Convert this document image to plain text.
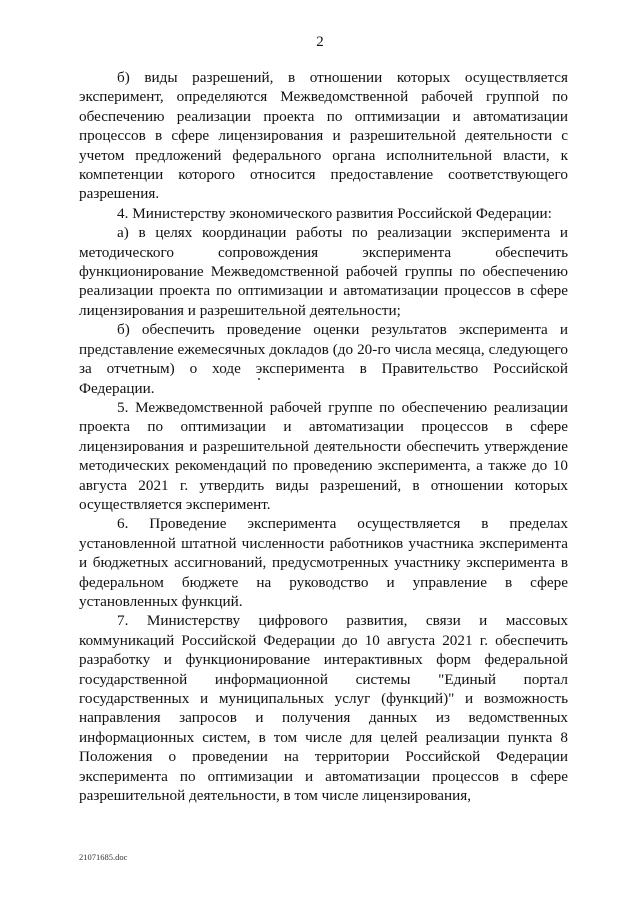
2

б) виды разрешений, в отношении которых осуществляется эксперимент, определяются Межведомственной рабочей группой по обеспечению реализации проекта по оптимизации и автоматизации процессов в сфере лицензирования и разрешительной деятельности с учетом предложений федерального органа исполнительной власти, к компетенции которого относится предоставление соответствующего разрешения.

4. Министерству экономического развития Российской Федерации:

а) в целях координации работы по реализации эксперимента и методического сопровождения эксперимента обеспечить функционирование Межведомственной рабочей группы по обеспечению реализации проекта по оптимизации и автоматизации процессов в сфере лицензирования и разрешительной деятельности;

б) обеспечить проведение оценки результатов эксперимента и представление ежемесячных докладов (до 20-го числа месяца, следующего за отчетным) о ходе эксперимента в Правительство Российской Федерации.

5. Межведомственной рабочей группе по обеспечению реализации проекта по оптимизации и автоматизации процессов в сфере лицензирования и разрешительной деятельности обеспечить утверждение методических рекомендаций по проведению эксперимента, а также до 10 августа 2021 г. утвердить виды разрешений, в отношении которых осуществляется эксперимент.

6. Проведение эксперимента осуществляется в пределах установленной штатной численности работников участника эксперимента и бюджетных ассигнований, предусмотренных участнику эксперимента в федеральном бюджете на руководство и управление в сфере установленных функций.

7. Министерству цифрового развития, связи и массовых коммуникаций Российской Федерации до 10 августа 2021 г. обеспечить разработку и функционирование интерактивных форм федеральной государственной информационной системы "Единый портал государственных и муниципальных услуг (функций)" и возможность направления запросов и получения данных из ведомственных информационных систем, в том числе для целей реализации пункта 8 Положения о проведении на территории Российской Федерации эксперимента по оптимизации и автоматизации процессов в сфере разрешительной деятельности, в том числе лицензирования,

21071685.doc
